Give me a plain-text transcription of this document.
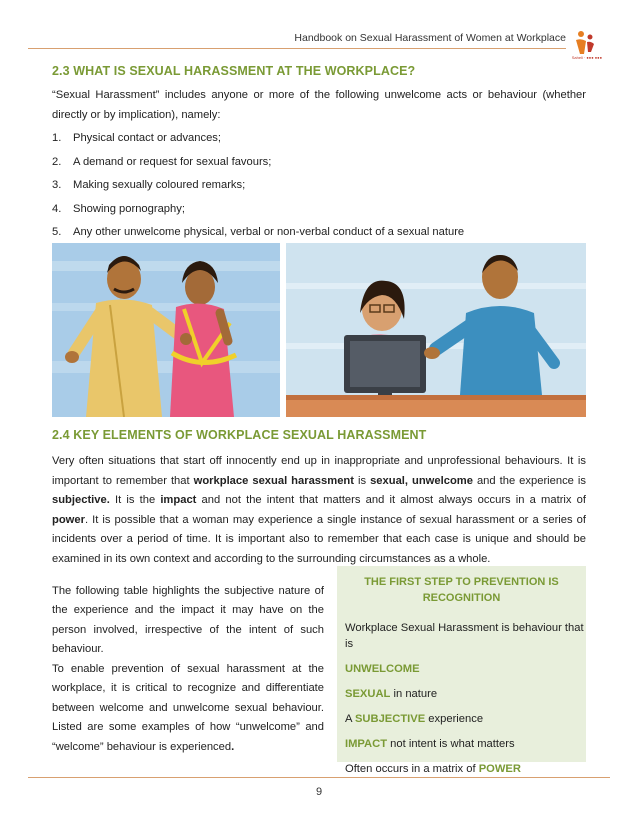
Handbook on Sexual Harassment of Women at Workplace
Saheli · ●●● ●●●
2.3 WHAT IS SEXUAL HARASSMENT AT THE WORKPLACE?
“Sexual Harassment” includes anyone or more of the following unwelcome acts or behaviour (whether directly or by implication), namely:
1. Physical contact or advances;
2. A demand or request for sexual favours;
3. Making sexually coloured remarks;
4. Showing pornography;
5. Any other unwelcome physical, verbal or non-verbal conduct of a sexual nature
2.4 KEY ELEMENTS OF WORKPLACE SEXUAL HARASSMENT
Very often situations that start off innocently end up in inappropriate and unprofessional behaviours. It is important to remember that workplace sexual harassment is sexual, unwelcome and the experience is subjective. It is the impact and not the intent that matters and it almost always occurs in a matrix of power. It is possible that a woman may experience a single instance of sexual harassment or a series of incidents over a period of time. It is important also to remember that each case is unique and should be examined in its own context and according to the surrounding circumstances as a whole.
The following table highlights the subjective nature of the experience and the impact it may have on the person involved, irrespective of the intent of such behaviour.
To enable prevention of sexual harassment at the workplace, it is critical to recognize and differentiate between welcome and unwelcome sexual behaviour. Listed are some examples of how “unwelcome” and “welcome” behaviour is experienced.
THE FIRST STEP TO PREVENTION IS RECOGNITION
Workplace Sexual Harassment is behaviour that is
UNWELCOME
SEXUAL in nature
A SUBJECTIVE experience
IMPACT not intent is what matters
Often occurs in a matrix of POWER
9
